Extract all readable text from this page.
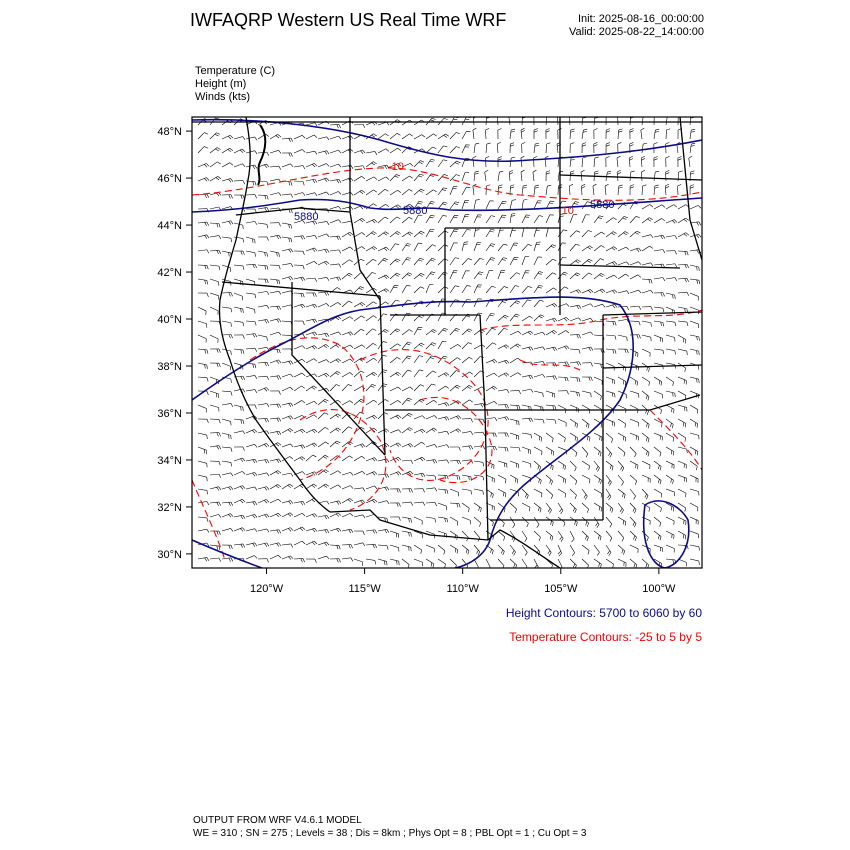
IWFAQRP Western US Real Time WRF	Init: 2025-08-16_00:00:00
Valid: 2025-08-22_14:00:00
Temperature (C)
Height (m)
Winds (kts)
48°N
46°N
44°N
42°N
40°N
38°N
36°N
34°N
32°N
30°N
120°W	115°W	110°W	105°W	100°W
5880	5880	5880
-10
-10
Height Contours: 5700 to 6060 by 60
Temperature Contours: -25 to 5 by 5
OUTPUT FROM WRF V4.6.1 MODEL
WE = 310 ; SN = 275 ; Levels = 38 ; Dis = 8km ; Phys Opt = 8 ; PBL Opt = 1 ; Cu Opt = 3
